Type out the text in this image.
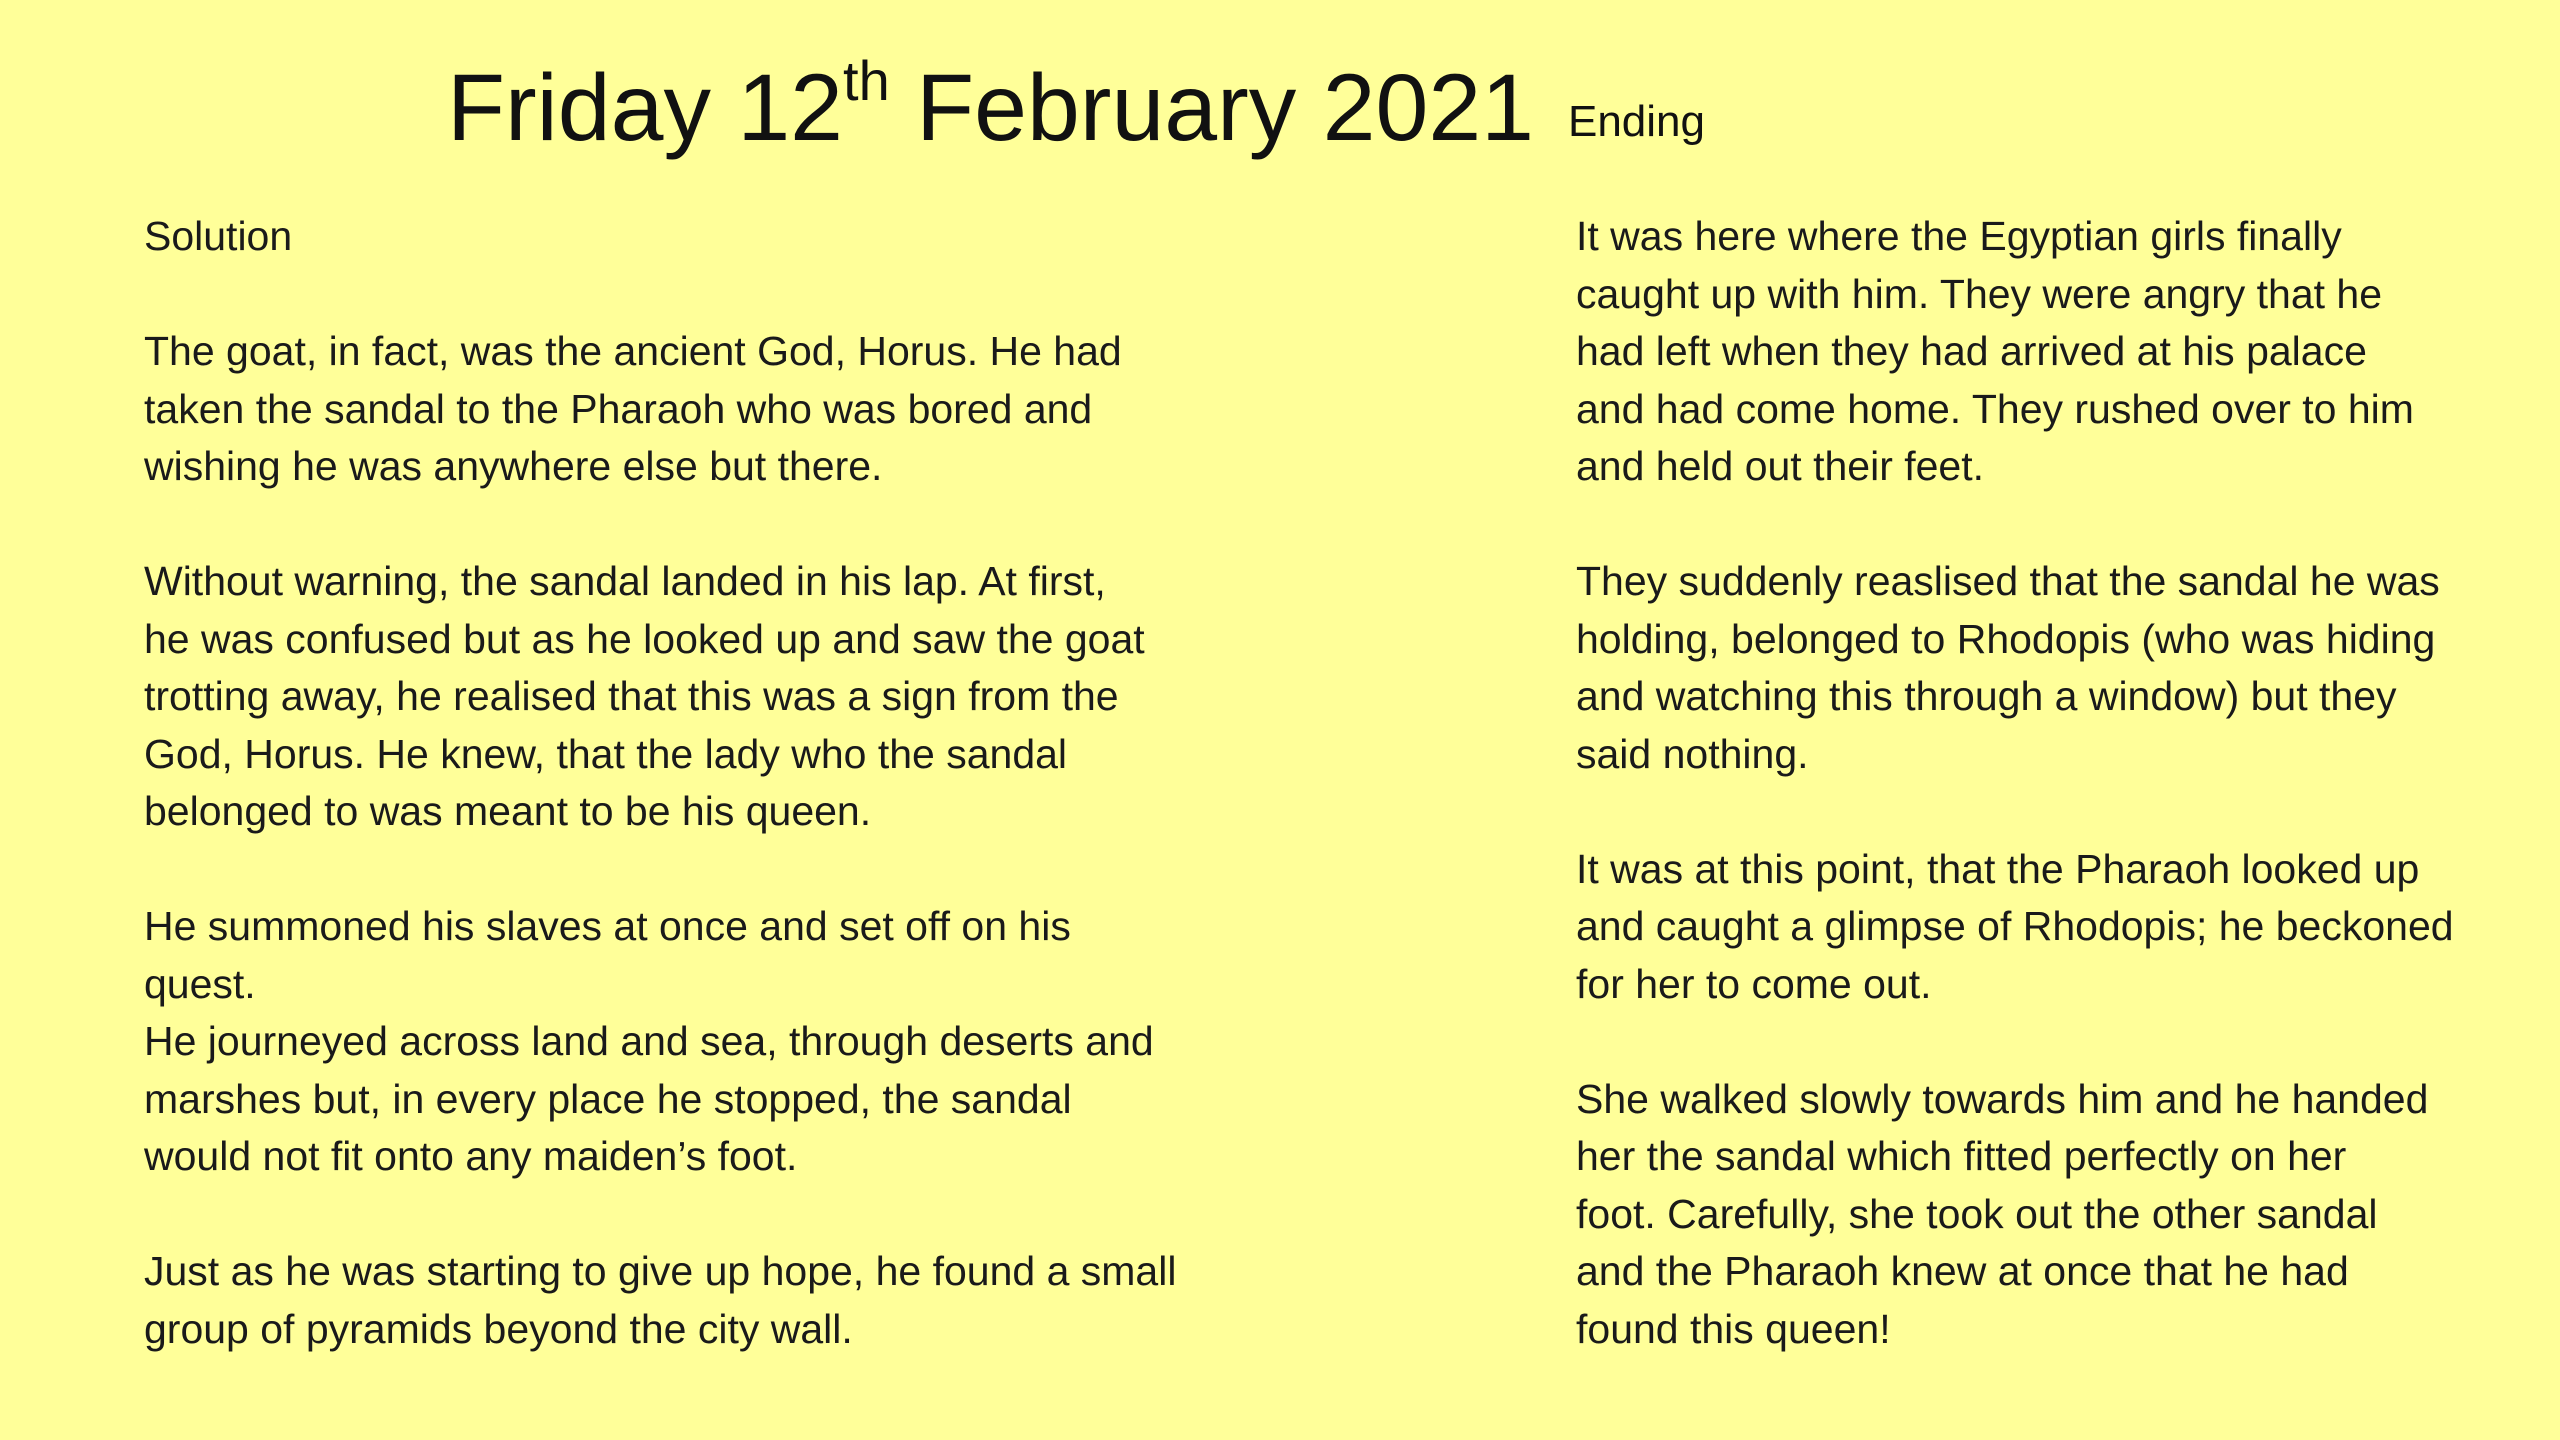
Friday 12th February 2021 Ending
Solution
The goat, in fact, was the ancient God, Horus. He had
taken the sandal to the Pharaoh who was bored and
wishing he was anywhere else but there.
Without warning, the sandal landed in his lap. At first,
he was confused but as he looked up and saw the goat
trotting away, he realised that this was a sign from the
God, Horus. He knew, that the lady who the sandal
belonged to was meant to be his queen.
He summoned his slaves at once and set off on his
quest.
He journeyed across land and sea, through deserts and
marshes but, in every place he stopped, the sandal
would not fit onto any maiden’s foot.
Just as he was starting to give up hope, he found a small
group of pyramids beyond the city wall.
It was here where the Egyptian girls finally
caught up with him. They were angry that he
had left when they had arrived at his palace
and had come home. They rushed over to him
and held out their feet.
They suddenly reaslised that the sandal he was
holding, belonged to Rhodopis (who was hiding
and watching this through a window) but they
said nothing.
It was at this point, that the Pharaoh looked up
and caught a glimpse of Rhodopis; he beckoned
for her to come out.
She walked slowly towards him and he handed
her the sandal which fitted perfectly on her
foot. Carefully, she took out the other sandal
and the Pharaoh knew at once that he had
found this queen!
